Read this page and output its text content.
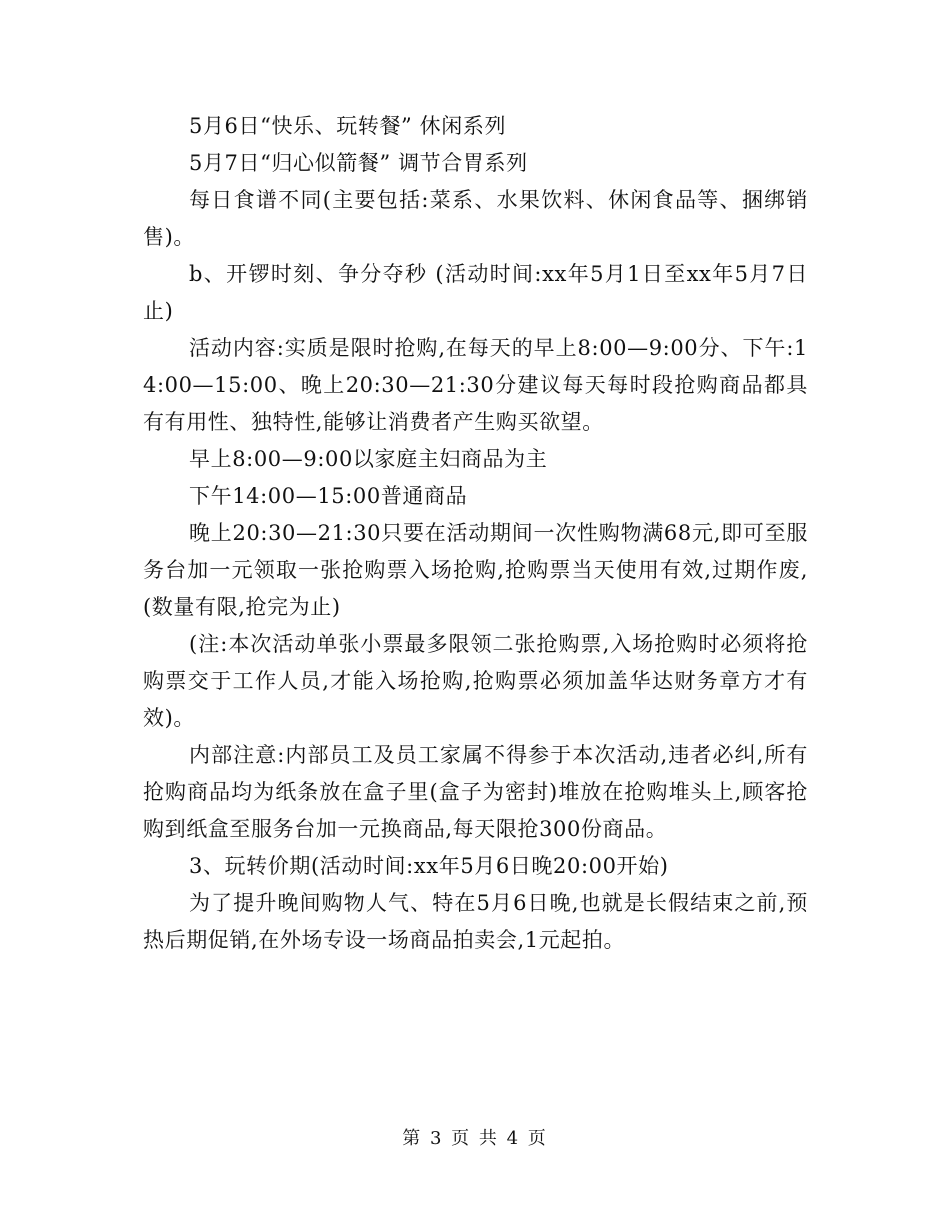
5月6日“快乐、玩转餐” 休闲系列

5月7日“归心似箭餐” 调节合胃系列

每日食谱不同(主要包括:菜系、水果饮料、休闲食品等、捆绑销售)。

b、开锣时刻、争分夺秒 (活动时间:xx年5月1日至xx年5月7日止)

活动内容:实质是限时抢购,在每天的早上8:00—9:00分、下午:14:00—15:00、晚上20:30—21:30分建议每天每时段抢购商品都具有有用性、独特性,能够让消费者产生购买欲望。

早上8:00—9:00以家庭主妇商品为主

下午14:00—15:00普通商品

晚上20:30—21:30只要在活动期间一次性购物满68元,即可至服务台加一元领取一张抢购票入场抢购,抢购票当天使用有效,过期作废,(数量有限,抢完为止)

(注:本次活动单张小票最多限领二张抢购票,入场抢购时必须将抢购票交于工作人员,才能入场抢购,抢购票必须加盖华达财务章方才有效)。

内部注意:内部员工及员工家属不得参于本次活动,违者必纠,所有抢购商品均为纸条放在盒子里(盒子为密封)堆放在抢购堆头上,顾客抢购到纸盒至服务台加一元换商品,每天限抢300份商品。

3、玩转价期(活动时间:xx年5月6日晚20:00开始)

为了提升晚间购物人气、特在5月6日晚,也就是长假结束之前,预热后期促销,在外场专设一场商品拍卖会,1元起拍。

第 3 页 共 4 页
